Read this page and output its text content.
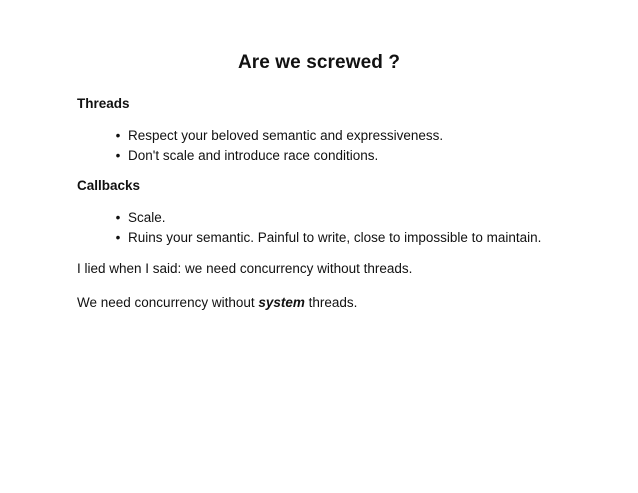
Are we screwed ?
Threads
• Respect your beloved semantic and expressiveness.
• Don't scale and introduce race conditions.
Callbacks
• Scale.
• Ruins your semantic. Painful to write, close to impossible to maintain.
I lied when I said: we need concurrency without threads.
We need concurrency without system threads.
